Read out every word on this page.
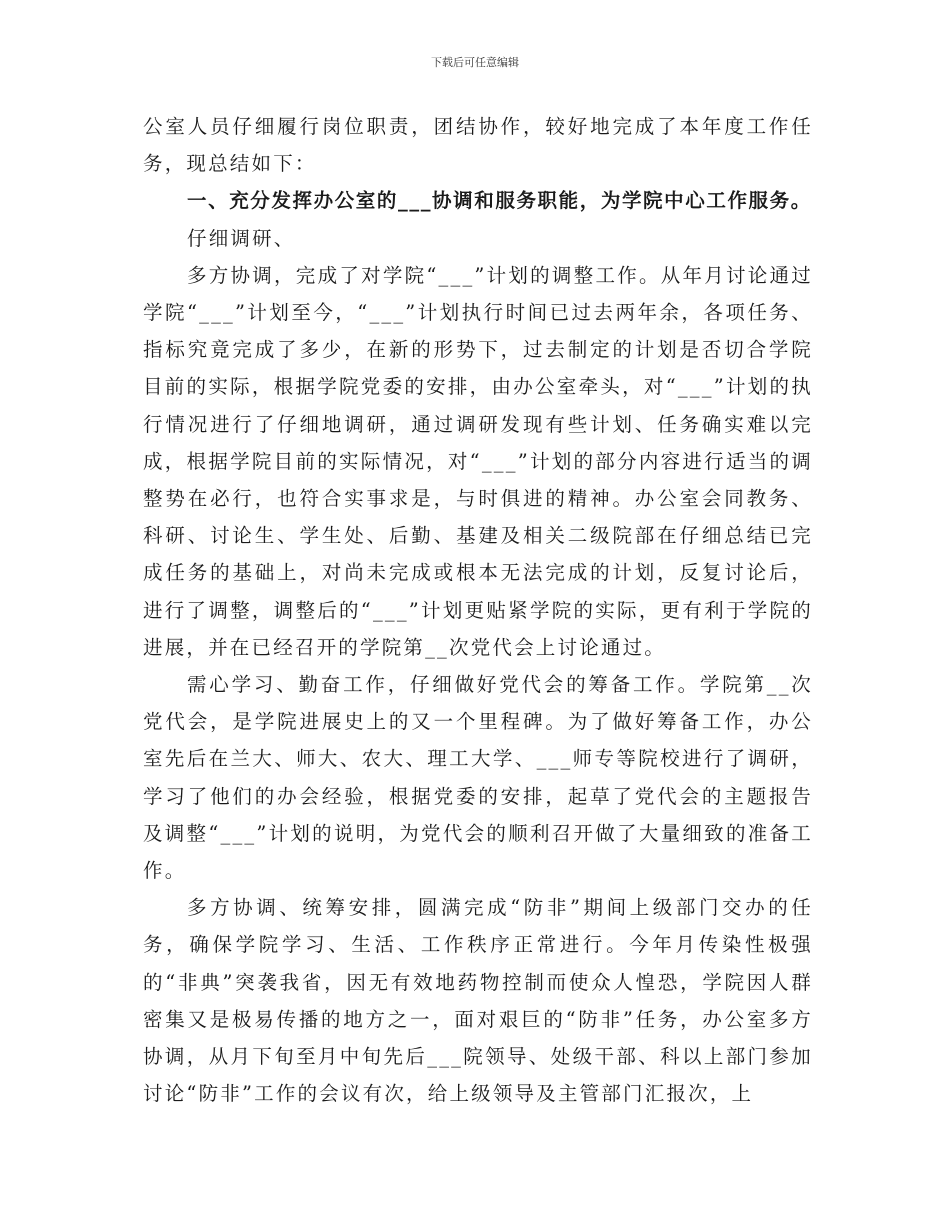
下载后可任意编辑

公室人员仔细履行岗位职责，团结协作，较好地完成了本年度工作任务，现总结如下：

一、充分发挥办公室的___协调和服务职能，为学院中心工作服务。

仔细调研、

多方协调，完成了对学院“___”计划的调整工作。从年月讨论通过学院“___”计划至今，“___”计划执行时间已过去两年余，各项任务、指标究竟完成了多少，在新的形势下，过去制定的计划是否切合学院目前的实际，根据学院党委的安排，由办公室牵头，对“___”计划的执行情况进行了仔细地调研，通过调研发现有些计划、任务确实难以完成，根据学院目前的实际情况，对“___”计划的部分内容进行适当的调整势在必行，也符合实事求是，与时俱进的精神。办公室会同教务、科研、讨论生、学生处、后勤、基建及相关二级院部在仔细总结已完成任务的基础上，对尚未完成或根本无法完成的计划，反复讨论后，进行了调整，调整后的“___”计划更贴紧学院的实际，更有利于学院的进展，并在已经召开的学院第__次党代会上讨论通过。

需心学习、勤奋工作，仔细做好党代会的筹备工作。学院第__次党代会，是学院进展史上的又一个里程碑。为了做好筹备工作，办公室先后在兰大、师大、农大、理工大学、___师专等院校进行了调研，学习了他们的办会经验，根据党委的安排，起草了党代会的主题报告及调整“___”计划的说明，为党代会的顺利召开做了大量细致的准备工作。

多方协调、统筹安排，圆满完成“防非”期间上级部门交办的任务，确保学院学习、生活、工作秩序正常进行。今年月传染性极强的“非典”突袭我省，因无有效地药物控制而使众人惶恐，学院因人群密集又是极易传播的地方之一，面对艰巨的“防非”任务，办公室多方协调，从月下旬至月中旬先后___院领导、处级干部、科以上部门参加讨论“防非”工作的会议有次，给上级领导及主管部门汇报次，上
